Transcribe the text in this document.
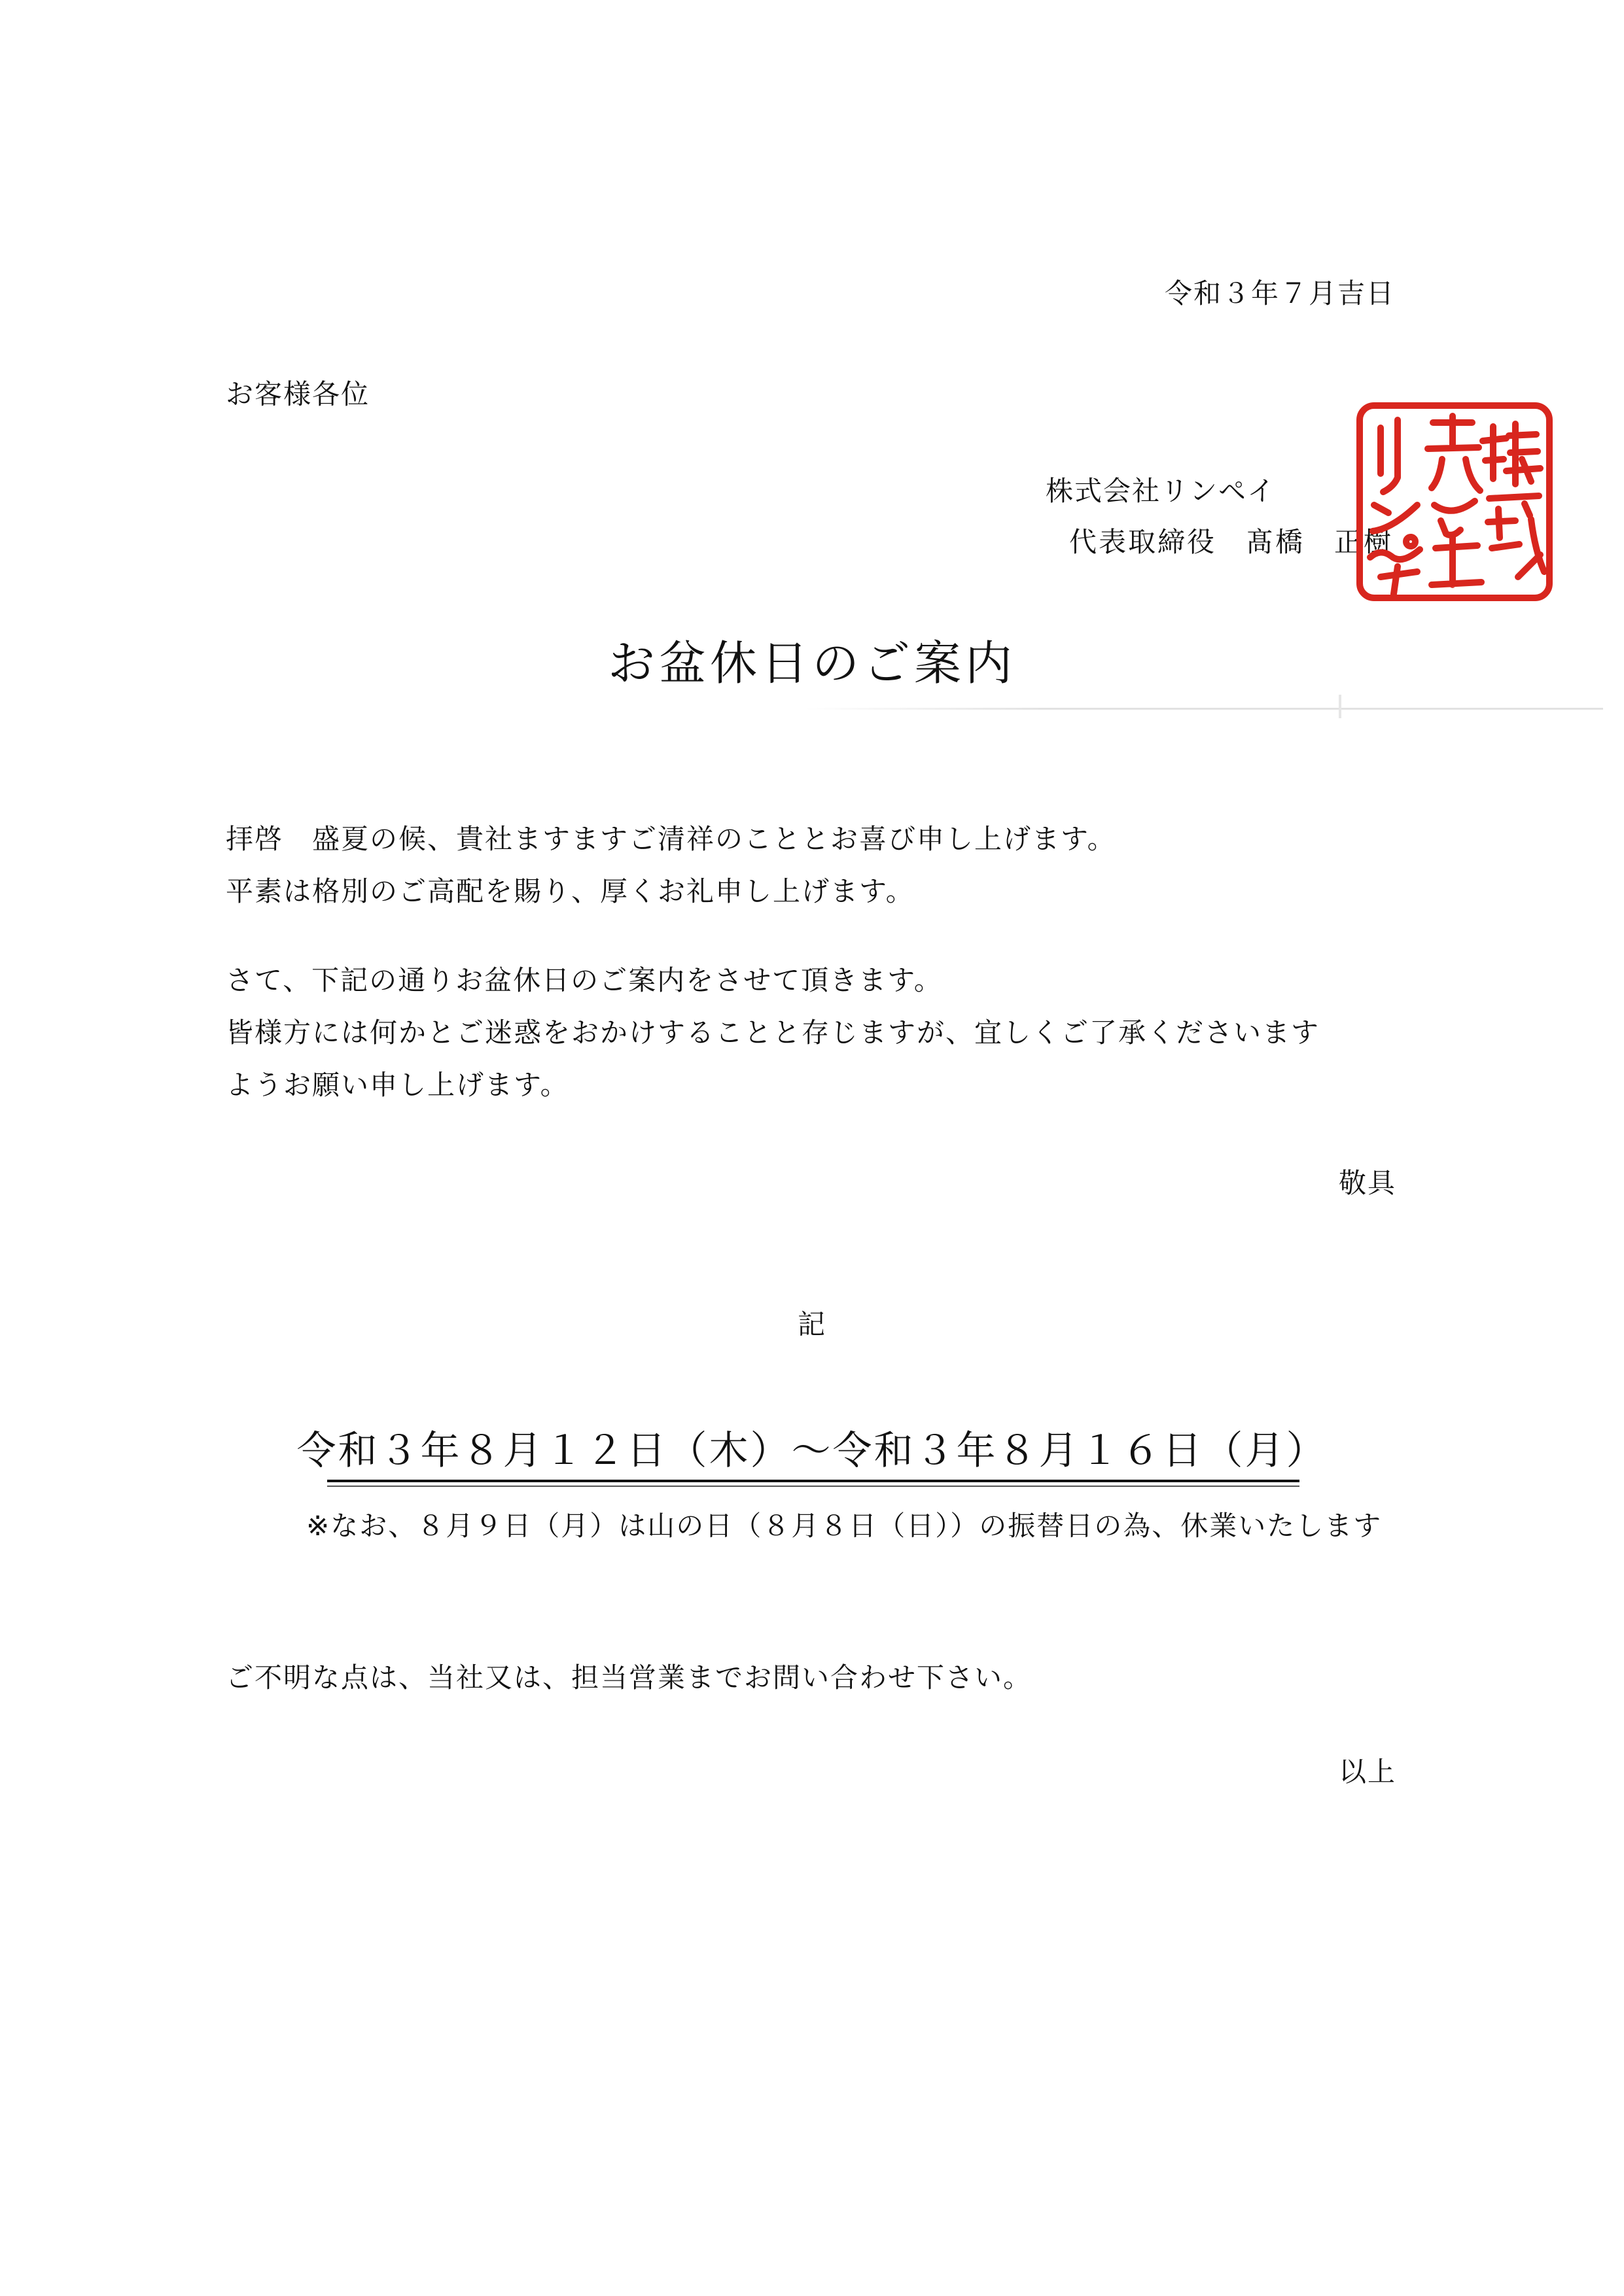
令和３年７月吉日
お客様各位
株式会社リンペイ
代表取締役　髙橋　正樹
お盆休日のご案内
拝啓　盛夏の候、貴社ますますご清祥のこととお喜び申し上げます。
平素は格別のご高配を賜り、厚くお礼申し上げます。
さて、下記の通りお盆休日のご案内をさせて頂きます。
皆様方には何かとご迷惑をおかけすることと存じますが、宜しくご了承くださいます
ようお願い申し上げます。
敬具
記
令和３年８月１２日（木）～令和３年８月１６日（月）
※なお、８月９日（月）は山の日（８月８日（日））の振替日の為、休業いたします
ご不明な点は、当社又は、担当営業までお問い合わせ下さい。
以上
